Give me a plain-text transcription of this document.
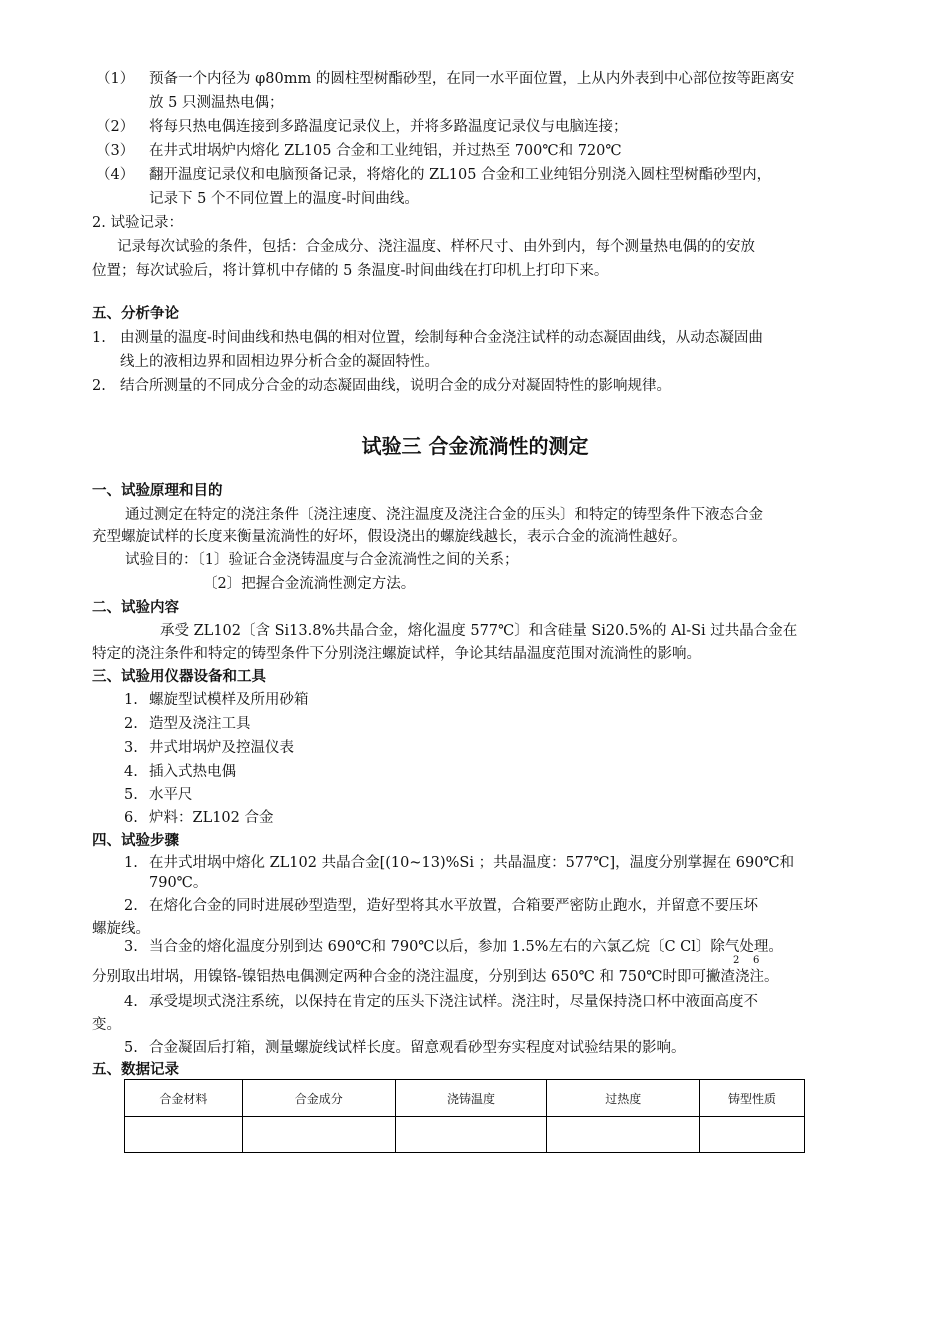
（1） 预备一个内径为 φ80mm 的圆柱型树酯砂型，在同一水平面位置，上从内外表到中心部位按等距离安
放 5 只测温热电偶；
（2） 将每只热电偶连接到多路温度记录仪上，并将多路温度记录仪与电脑连接；
（3） 在井式坩埚炉内熔化 ZL105 合金和工业纯铝，并过热至 700℃和 720℃
（4） 翻开温度记录仪和电脑预备记录，将熔化的 ZL105 合金和工业纯铝分别浇入圆柱型树酯砂型内，
记录下 5 个不同位置上的温度-时间曲线。
2. 试验记录：
记录每次试验的条件，包括：合金成分、浇注温度、样杯尺寸、由外到内，每个测量热电偶的的安放
位置；每次试验后，将计算机中存储的 5 条温度-时间曲线在打印机上打印下来。
五、分析争论
1. 由测量的温度-时间曲线和热电偶的相对位置，绘制每种合金浇注试样的动态凝固曲线，从动态凝固曲
线上的液相边界和固相边界分析合金的凝固特性。
2. 结合所测量的不同成分合金的动态凝固曲线，说明合金的成分对凝固特性的影响规律。
试验三 合金流淌性的测定
一、试验原理和目的
通过测定在特定的浇注条件〔浇注速度、浇注温度及浇注合金的压头〕和特定的铸型条件下液态合金
充型螺旋试样的长度来衡量流淌性的好坏，假设浇出的螺旋线越长，表示合金的流淌性越好。
试验目的：〔1〕验证合金浇铸温度与合金流淌性之间的关系；
〔2〕把握合金流淌性测定方法。
二、试验内容
承受 ZL102〔含 Si13.8%共晶合金，熔化温度 577℃〕和含硅量 Si20.5%的 Al-Si 过共晶合金在
特定的浇注条件和特定的铸型条件下分别浇注螺旋试样，争论其结晶温度范围对流淌性的影响。
三、试验用仪器设备和工具
1. 螺旋型试模样及所用砂箱
2. 造型及浇注工具
3. 井式坩埚炉及控温仪表
4. 插入式热电偶
5. 水平尺
6. 炉料：ZL102 合金
四、试验步骤
1. 在井式坩埚中熔化 ZL102 共晶合金[(10~13)%Si ；共晶温度：577℃]，温度分别掌握在 690℃和
790℃。
2. 在熔化合金的同时进展砂型造型，造好型将其水平放置，合箱要严密防止跑水，并留意不要压坏
螺旋线。
3. 当合金的熔化温度分别到达 690℃和 790℃以后，参加 1.5%左右的六氯乙烷〔C Cl〕除气处理。
2 6
分别取出坩埚，用镍铬-镍铝热电偶测定两种合金的浇注温度，分别到达 650℃ 和 750℃时即可撇渣浇注。
4. 承受堤坝式浇注系统，以保持在肯定的压头下浇注试样。浇注时，尽量保持浇口杯中液面高度不
变。
5. 合金凝固后打箱，测量螺旋线试样长度。留意观看砂型夯实程度对试验结果的影响。
五、数据记录
合金材料	合金成分	浇铸温度	过热度	铸型性质
